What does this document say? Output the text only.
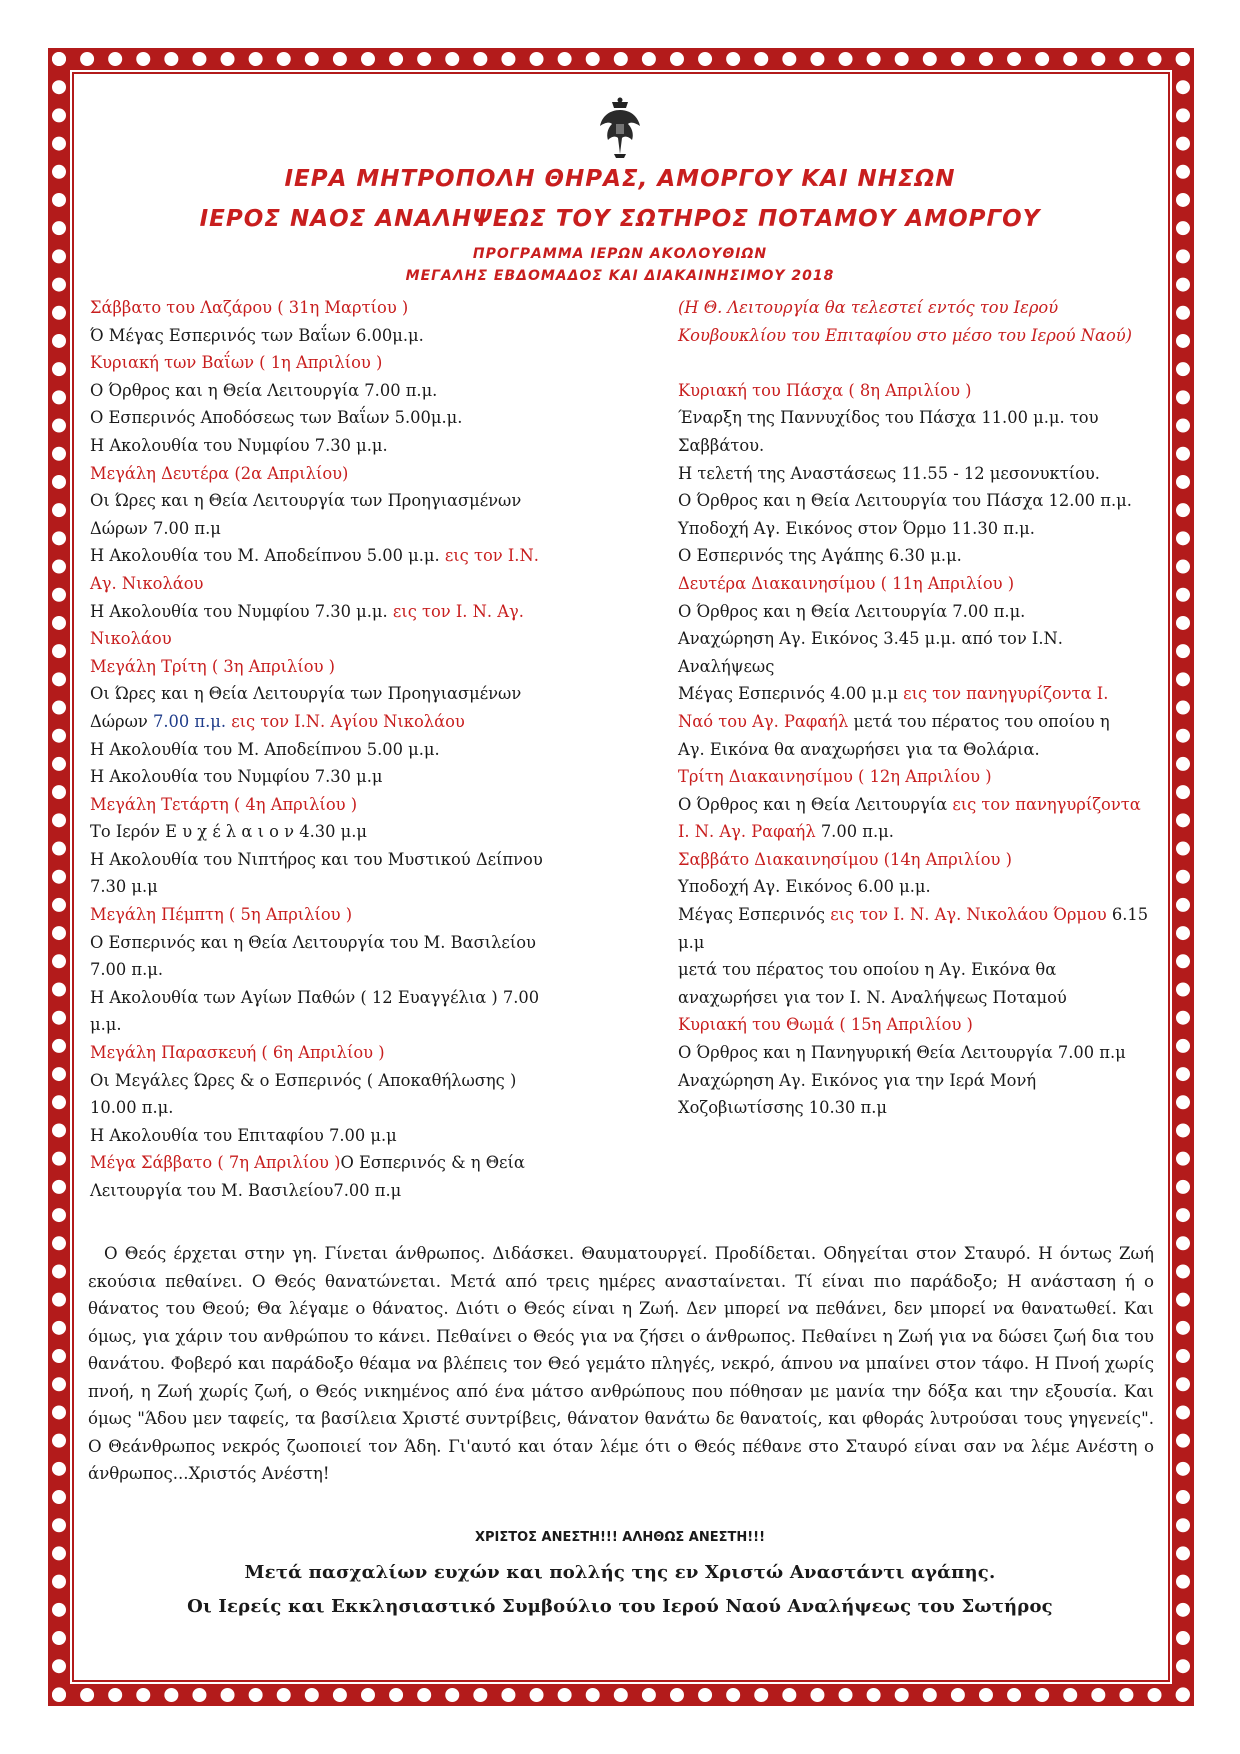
ΙΕΡΑ ΜΗΤΡΟΠΟΛΗ ΘΗΡΑΣ, ΑΜΟΡΓΟΥ ΚΑΙ ΝΗΣΩΝ
ΙΕΡΟΣ ΝΑΟΣ ΑΝΑΛΗΨΕΩΣ ΤΟΥ ΣΩΤΗΡΟΣ ΠΟΤΑΜΟΥ ΑΜΟΡΓΟΥ
ΠΡΟΓΡΑΜΜΑ ΙΕΡΩΝ ΑΚΟΛΟΥΘΙΩΝ
ΜΕΓΑΛΗΣ ΕΒΔΟΜΑΔΟΣ ΚΑΙ ΔΙΑΚΑΙΝΗΣΙΜΟΥ 2018
Σάββατο του Λαζάρου ( 31η Μαρτίου )
Ό Μέγας Εσπερινός των Βαΐων 6.00μ.μ.
Κυριακή των Βαΐων ( 1η Απριλίου )
Ο Όρθρος και η Θεία Λειτουργία 7.00 π.μ.
Ο Εσπερινός Αποδόσεως των Βαΐων 5.00μ.μ.
Η Ακολουθία του Νυμφίου 7.30 μ.μ.
Μεγάλη Δευτέρα (2α Απριλίου)
Οι Ώρες και η Θεία Λειτουργία των Προηγιασμένων
Δώρων 7.00 π.μ
Η Ακολουθία του Μ. Αποδείπνου 5.00 μ.μ. εις τον Ι.Ν.
Αγ. Νικολάου
Η Ακολουθία του Νυμφίου 7.30 μ.μ. εις τον Ι. Ν. Αγ.
Νικολάου
Μεγάλη Τρίτη ( 3η Απριλίου )
Οι Ώρες και η Θεία Λειτουργία των Προηγιασμένων
Δώρων 7.00 π.μ. εις τον Ι.Ν. Αγίου Νικολάου
Η Ακολουθία του Μ. Αποδείπνου 5.00 μ.μ.
Η Ακολουθία του Νυμφίου 7.30 μ.μ
Μεγάλη Τετάρτη ( 4η Απριλίου )
Το Ιερόν Ε υ χ έ λ α ι ο ν 4.30 μ.μ
Η Ακολουθία του Νιπτήρος και του Μυστικού Δείπνου
7.30 μ.μ
Μεγάλη Πέμπτη ( 5η Απριλίου )
Ο Εσπερινός και η Θεία Λειτουργία του Μ. Βασιλείου
7.00 π.μ.
Η Ακολουθία των Αγίων Παθών ( 12 Ευαγγέλια ) 7.00
μ.μ.
Μεγάλη Παρασκευή ( 6η Απριλίου )
Οι Μεγάλες Ώρες & ο Εσπερινός ( Αποκαθήλωσης )
10.00 π.μ.
Η Ακολουθία του Επιταφίου 7.00 μ.μ
Μέγα Σάββατο ( 7η Απριλίου )Ο Εσπερινός & η Θεία
Λειτουργία του Μ. Βασιλείου7.00 π.μ
(Η Θ. Λειτουργία θα τελεστεί εντός του Ιερού
Κουβουκλίου του Επιταφίου στο μέσο του Ιερού Ναού)
Κυριακή του Πάσχα ( 8η Απριλίου )
Έναρξη της Παννυχίδος του Πάσχα 11.00 μ.μ. του
Σαββάτου.
Η τελετή της Αναστάσεως 11.55 - 12 μεσονυκτίου.
Ο Όρθρος και η Θεία Λειτουργία του Πάσχα 12.00 π.μ.
Υποδοχή Αγ. Εικόνος στον Όρμο 11.30 π.μ.
Ο Εσπερινός της Αγάπης 6.30 μ.μ.
Δευτέρα Διακαινησίμου ( 11η Απριλίου )
Ο Όρθρος και η Θεία Λειτουργία 7.00 π.μ.
Αναχώρηση Αγ. Εικόνος 3.45 μ.μ. από τον Ι.Ν.
Αναλήψεως
Μέγας Εσπερινός 4.00 μ.μ εις τον πανηγυρίζοντα Ι.
Ναό του Αγ. Ραφαήλ μετά του πέρατος του οποίου η
Αγ. Εικόνα θα αναχωρήσει για τα Θολάρια.
Τρίτη Διακαινησίμου ( 12η Απριλίου )
Ο Όρθρος και η Θεία Λειτουργία εις τον πανηγυρίζοντα
Ι. Ν. Αγ. Ραφαήλ 7.00 π.μ.
Σαββάτο Διακαινησίμου (14η Απριλίου )
Υποδοχή Αγ. Εικόνος 6.00 μ.μ.
Μέγας Εσπερινός εις τον Ι. Ν. Αγ. Νικολάου Όρμου 6.15
μ.μ
μετά του πέρατος του οποίου η Αγ. Εικόνα θα
αναχωρήσει για τον Ι. Ν. Αναλήψεως Ποταμού
Κυριακή του Θωμά ( 15η Απριλίου )
Ο Όρθρος και η Πανηγυρική Θεία Λειτουργία 7.00 π.μ
Αναχώρηση Αγ. Εικόνος για την Ιερά Μονή
Χοζοβιωτίσσης 10.30 π.μ
Ο Θεός έρχεται στην γη. Γίνεται άνθρωπος. Διδάσκει. Θαυματουργεί. Προδίδεται. Οδηγείται στον Σταυρό. Η όντως Ζωή εκούσια πεθαίνει. Ο Θεός θανατώνεται. Μετά από τρεις ημέρες ανασταίνεται. Τί είναι πιο παράδοξο; Η ανάσταση ή ο θάνατος του Θεού; Θα λέγαμε ο θάνατος. Διότι ο Θεός είναι η Ζωή. Δεν μπορεί να πεθάνει, δεν μπορεί να θανατωθεί. Και όμως, για χάριν του ανθρώπου το κάνει. Πεθαίνει ο Θεός για να ζήσει ο άνθρωπος. Πεθαίνει η Ζωή για να δώσει ζωή δια του θανάτου. Φοβερό και παράδοξο θέαμα να βλέπεις τον Θεό γεμάτο πληγές, νεκρό, άπνου να μπαίνει στον τάφο. Η Πνοή χωρίς πνοή, η Ζωή χωρίς ζωή, ο Θεός νικημένος από ένα μάτσο ανθρώπους που πόθησαν με μανία την δόξα και την εξουσία. Και όμως "Άδου μεν ταφείς, τα βασίλεια Χριστέ συντρίβεις, θάνατον θανάτω δε θανατοίς, και φθοράς λυτρούσαι τους γηγενείς". Ο Θεάνθρωπος νεκρός ζωοποιεί τον Άδη. Γι'αυτό και όταν λέμε ότι ο Θεός πέθανε στο Σταυρό είναι σαν να λέμε Ανέστη ο άνθρωπος...Χριστός Ανέστη!
ΧΡΙΣΤΟΣ ΑΝΕΣΤΗ!!! ΑΛΗΘΩΣ ΑΝΕΣΤΗ!!!
Μετά πασχαλίων ευχών και πολλής της εν Χριστώ Αναστάντι αγάπης.
Οι Ιερείς και Εκκλησιαστικό Συμβούλιο του Ιερού Ναού Αναλήψεως του Σωτήρος
